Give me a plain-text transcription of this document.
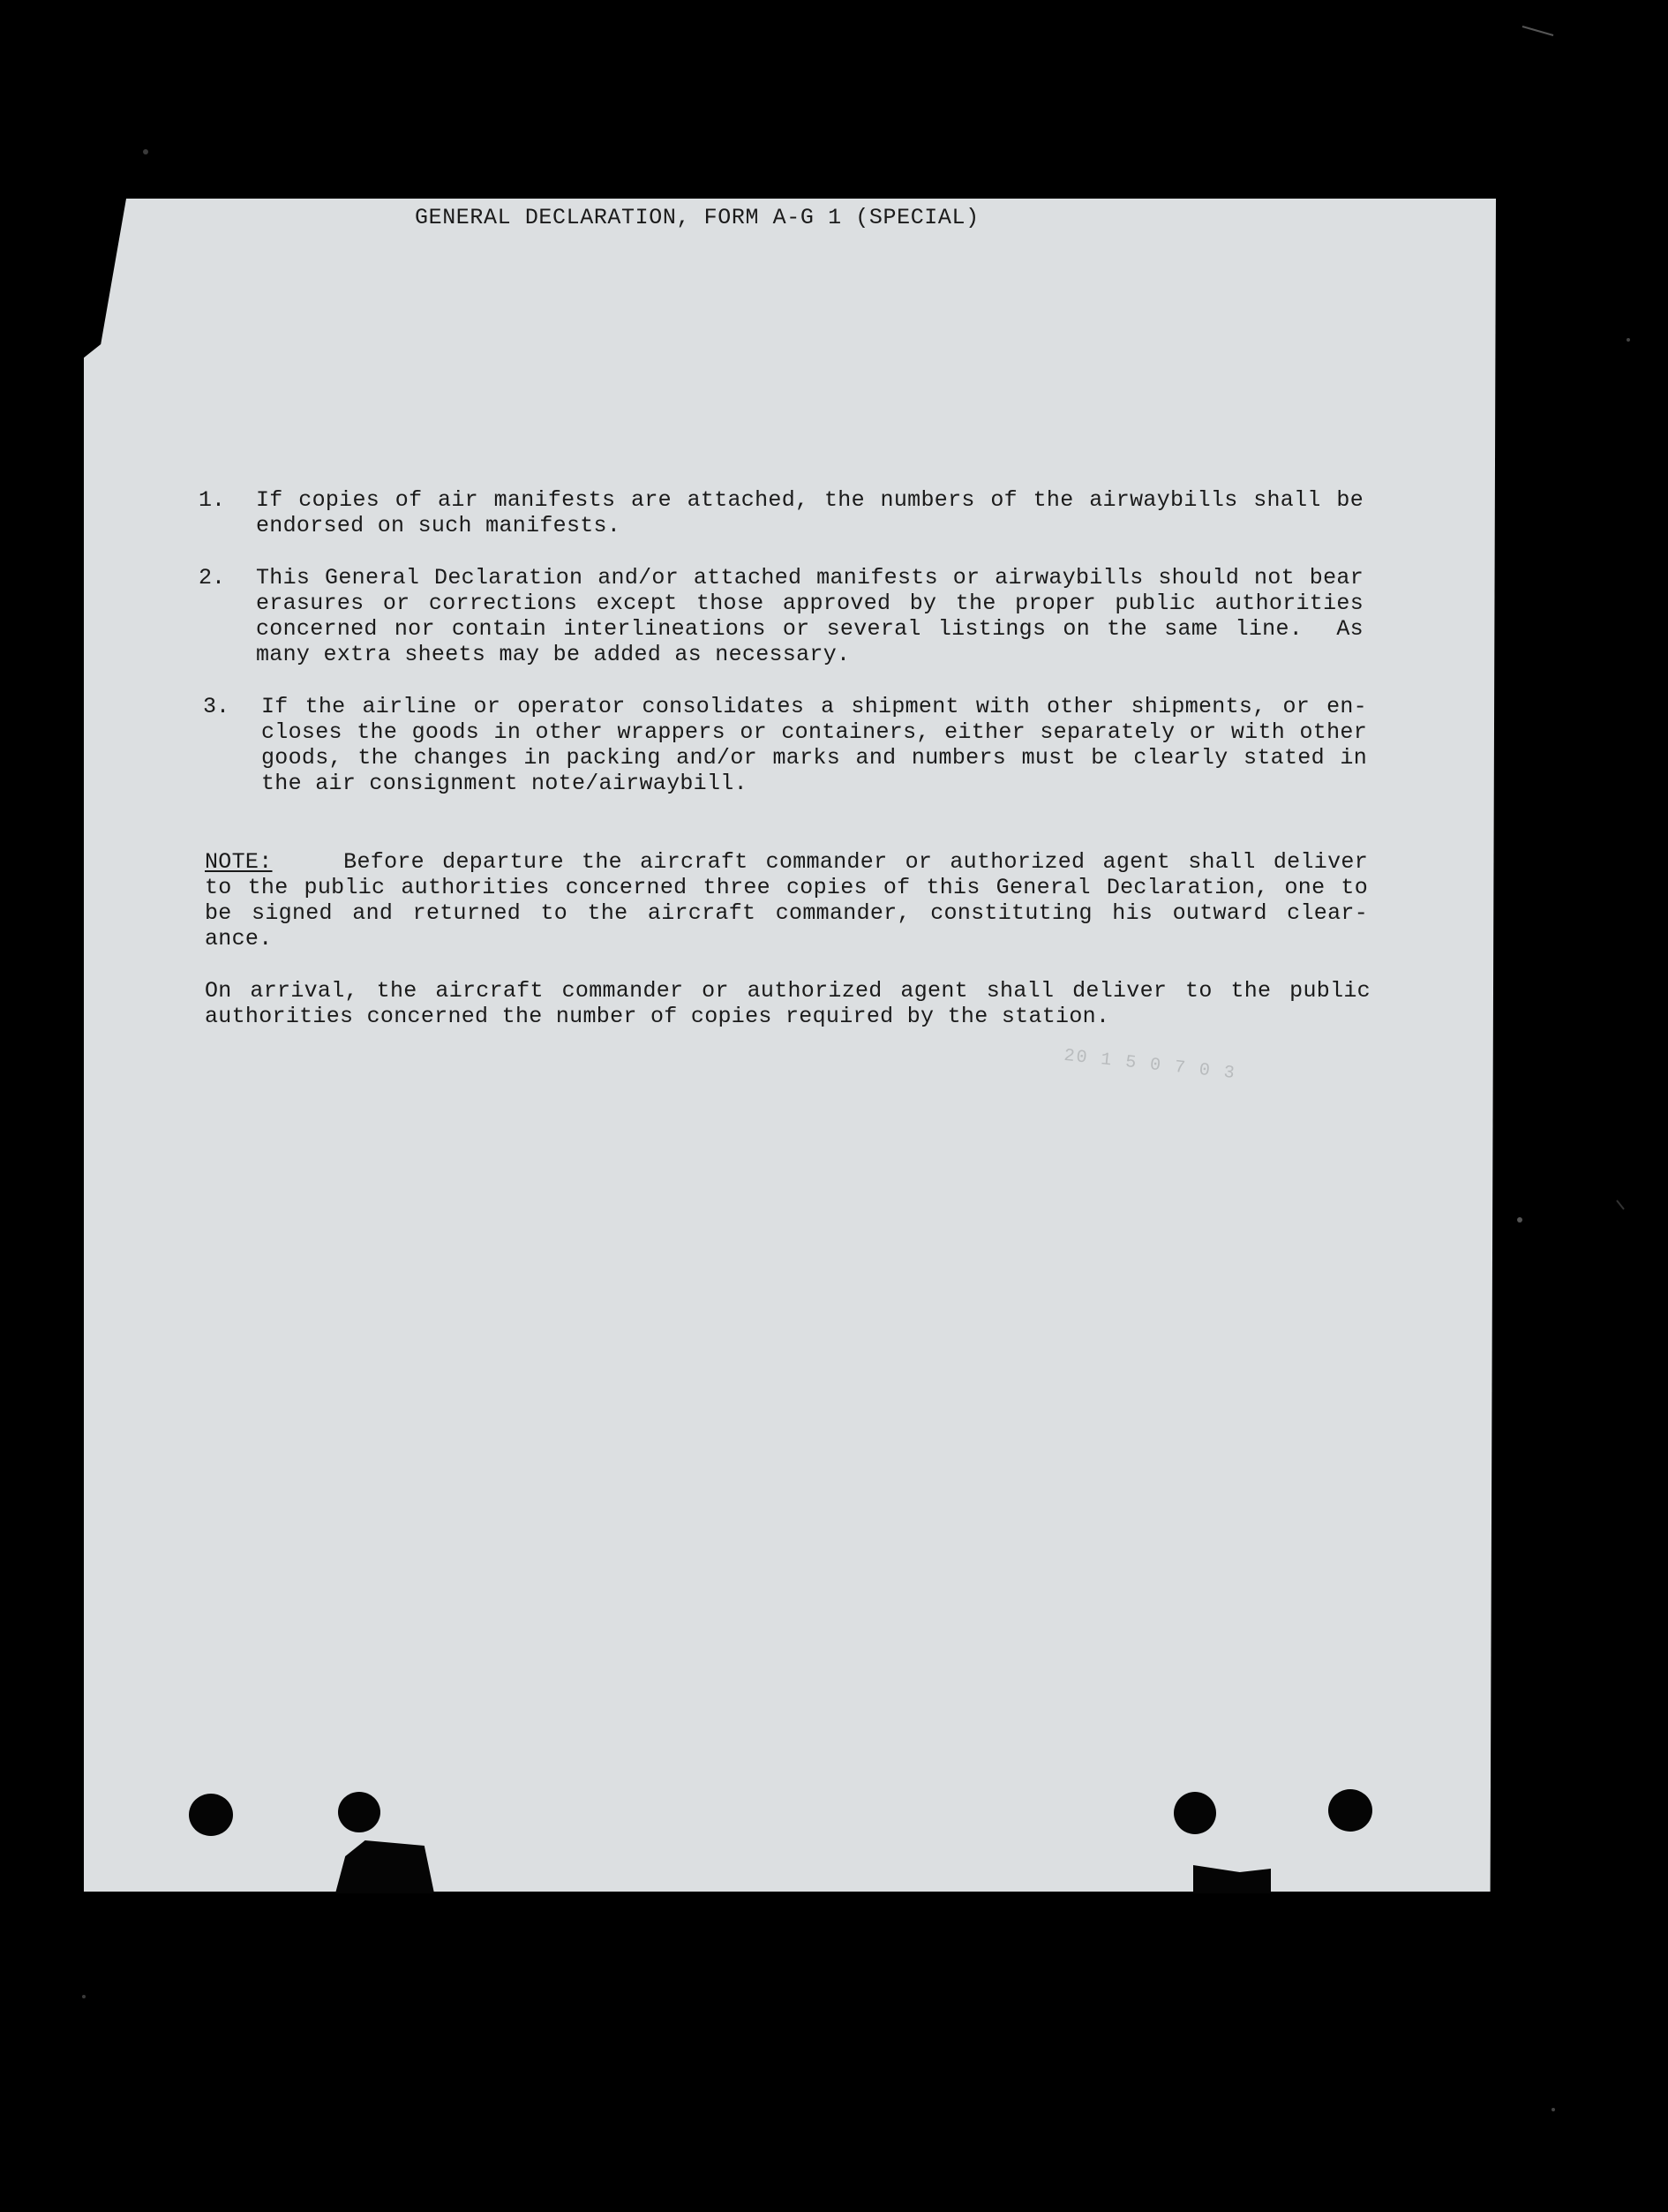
GENERAL DECLARATION, FORM A-G 1 (SPECIAL)
1. If copies of air manifests are attached, the numbers of the airwaybills shall be
endorsed on such manifests.
2. This General Declaration and/or attached manifests or airwaybills should not bear
erasures or corrections except those approved by the proper public authorities
concerned nor contain interlineations or several listings on the same line.  As
many extra sheets may be added as necessary.
3. If the airline or operator consolidates a shipment with other shipments, or en-
closes the goods in other wrappers or containers, either separately or with other
goods, the changes in packing and/or marks and numbers must be clearly stated in
the air consignment note/airwaybill.
NOTE:	Before departure the aircraft commander or authorized agent shall deliver
to the public authorities concerned three copies of this General Declaration, one to
be signed and returned to the aircraft commander, constituting his outward clear-
ance.
On arrival, the aircraft commander or authorized agent shall deliver to the public
authorities concerned the number of copies required by the station.
20 1 5 0 7 0 3
